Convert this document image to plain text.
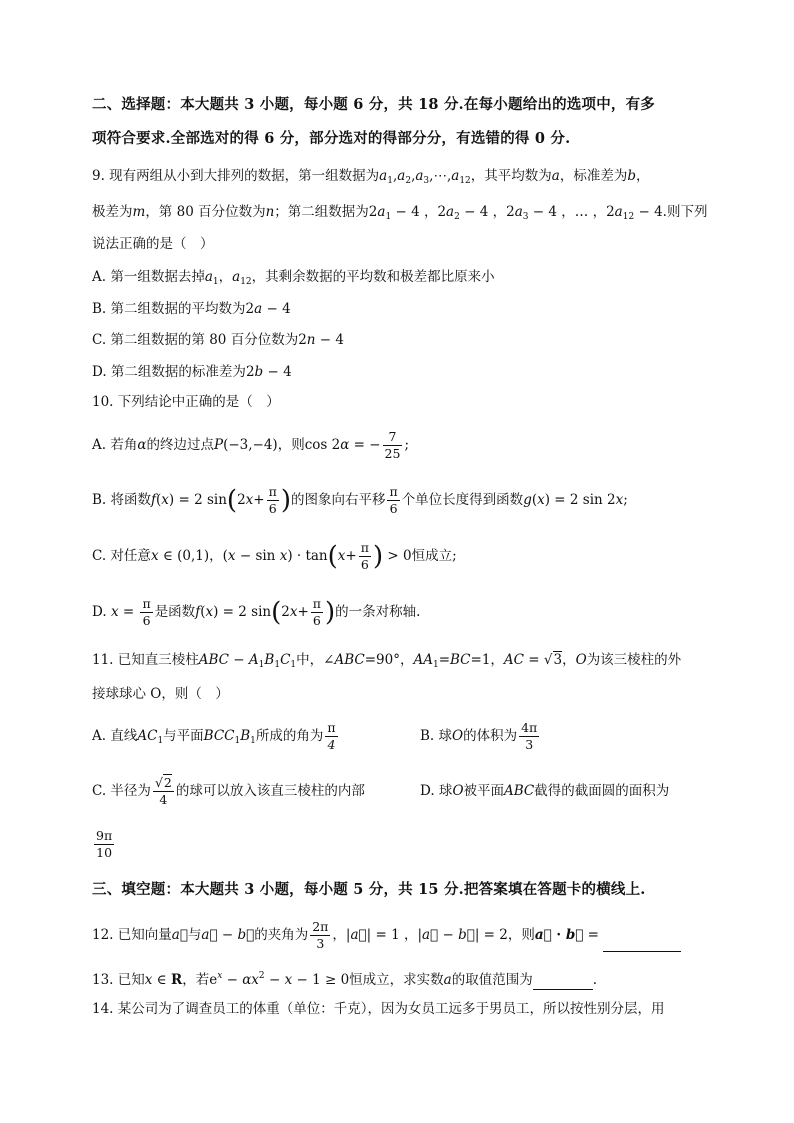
二、选择题：本大题共 3 小题，每小题 6 分，共 18 分.在每小题给出的选项中，有多
项符合要求.全部选对的得 6 分，部分选对的得部分分，有选错的得 0 分.
9. 现有两组从小到大排列的数据，第一组数据为$a_1,a_2,a_3,\cdots,a_{12}$，其平均数为a，标准差为b，
极差为m，第 80 百分位数为n；第二组数据为$2a_1 - 4$ ，$2a_2 - 4$ ，$2a_3 - 4$ ，… ，$2a_{12} - 4$.则下列
说法正确的是（　）
A. 第一组数据去掉$a_1$，$a_{12}$，其剩余数据的平均数和极差都比原来小
B. 第二组数据的平均数为2a − 4
C. 第二组数据的第 80 百分位数为2n − 4
D. 第二组数据的标准差为2b − 4
10. 下列结论中正确的是（　）
A. 若角α的终边过点P(−3,−4)，则cos 2α = − $\frac{7}{25}$ ;
B. 将函数f(x) = 2 $\sin(2x+ \frac{\pi}{6}$ )的图象向右平移 $\frac{\pi}{6}$ 个单位长度得到函数g(x) = 2 sin 2x;
C. 对任意x ∈ (0,1)，$(x - \sin x) \cdot \tan(x+ \frac{\pi}{6}$ ) > 0恒成立;
D. $x = \frac{\pi}{6}$ 是函数f(x) = 2 $\sin(2x+ \frac{\pi}{6}$ )的一条对称轴.
11. 已知直三棱柱ABC − $A_1B_1C_1$中，∠ABC=90°，$AA_1=BC=1$，AC = √3，O为该三棱柱的外
接球球心 O，则（　）
A. 直线$AC_1$与平面$BCC_1B_1$所成的角为 $\frac{\pi}{4}$	B. 球O的体积为 $\frac{4\pi}{3}$
C. 半径为 $\frac{√2}{4}$ 的球可以放入该直三棱柱的内部	D. 球O被平面ABC截得的截面圆的面积为
$\frac{9\pi}{10}$
三、填空题：本大题共 3 小题，每小题 5 分，共 15 分.把答案填在答题卡的横线上.
12. 已知向量a⃗与a⃗ − b⃗的夹角为 $\frac{2\pi}{3}$ ，|a⃗| = 1 ，|a⃗ − b⃗| = 2，则a⃗ · b⃗ =
13. 已知x ∈ R，若$e^x - \alpha x^2 - x - 1 \ge 0$恒成立，求实数a的取值范围为	.
14. 某公司为了调查员工的体重（单位：千克），因为女员工远多于男员工，所以按性别分层，用
